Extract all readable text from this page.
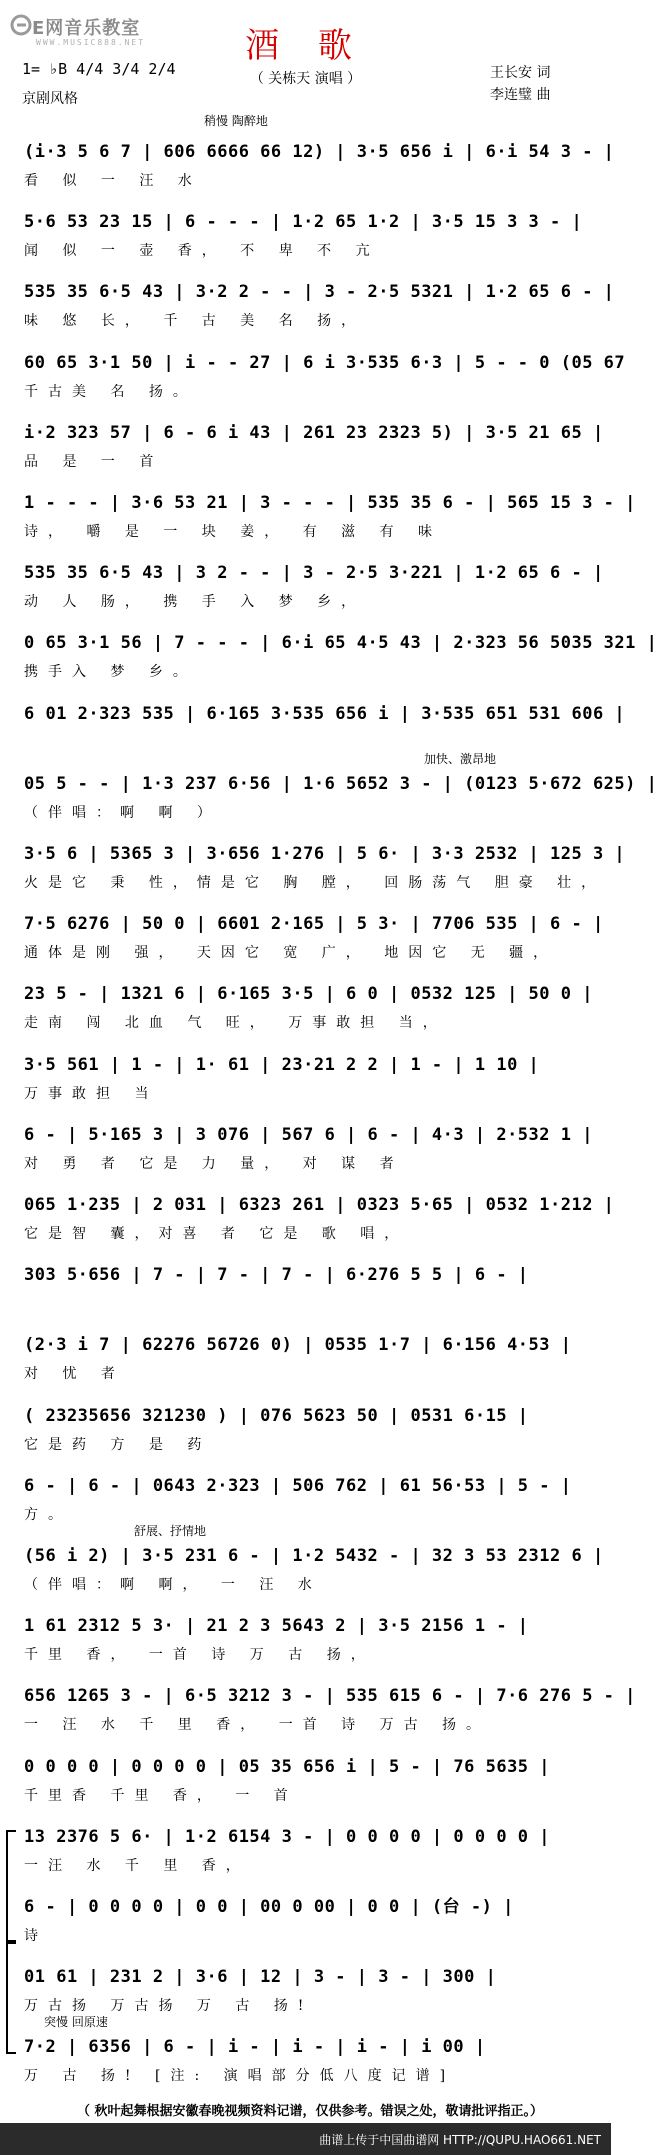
E网音乐教室
WWW.MUSIC888.NET	酒 歌
（ 关栋天 演唱 ）	王长安 词
李连璧 曲
1= ♭B 4/4 3/4 2/4
京剧风格
稍慢 陶醉地
(i·3 5 6 7 | 606 6666 66 12) | 3·5 656 i | 6·i 54 3 - |
看 似 一 汪 水
5·6 53 23 15 | 6 - - - | 1·2 65 1·2 | 3·5 15 3 3 - |
闻 似 一 壶 香， 不 卑 不 亢
535 35 6·5 43 | 3·2 2 - - | 3 - 2·5 5321 | 1·2 65 6 - |
味 悠 长， 千 古 美 名 扬，
60 65 3·1 50 | i - - 27 | 6 i 3·535 6·3 | 5 - - 0 (05 67
千古美 名 扬。
i·2 323 57 | 6 - 6 i 43 | 261 23 2323 5) | 3·5 21 65 |
品 是 一 首
1 - - - | 3·6 53 21 | 3 - - - | 535 35 6 - | 565 15 3 - |
诗， 嚼 是 一 块 姜， 有 滋 有 味
535 35 6·5 43 | 3 2 - - | 3 - 2·5 3·221 | 1·2 65 6 - |
动 人 肠， 携 手 入 梦 乡，
0 65 3·1 56 | 7 - - - | 6·i 65 4·5 43 | 2·323 56 5035 321 |
携手入 梦 乡。
6 01 2·323 535 | 6·165 3·535 656 i | 3·535 651 531 606 |
加快、激昂地
05 5 - - | 1·3 237 6·56 | 1·6 5652 3 - | (0123 5·672 625) |
（伴唱：啊 啊 ）
3·5 6 | 5365 3 | 3·656 1·276 | 5 6· | 3·3 2532 | 125 3 |
火是它 秉 性，情是它 胸 膛， 回肠荡气 胆豪 壮，
7·5 6276 | 50 0 | 6601 2·165 | 5 3· | 7706 535 | 6 - |
通体是刚 强， 天因它 宽 广， 地因它 无 疆，
23 5 - | 1321 6 | 6·165 3·5 | 6 0 | 0532 125 | 50 0 |
走南 闯 北血 气 旺， 万事敢担 当，
3·5 561 | 1 - | 1· 61 | 23·21 2 2 | 1 - | 1 10 |
万事敢担 当
6 - | 5·165 3 | 3 076 | 567 6 | 6 - | 4·3 | 2·532 1 |
对 勇 者 它是 力 量， 对 谋 者
065 1·235 | 2 031 | 6323 261 | 0323 5·65 | 0532 1·212 |
它是智 囊，对喜 者 它是 歌 唱，
303 5·656 | 7 - | 7 - | 7 - | 6·276 5 5 | 6 - |
(2·3 i 7 | 62276 56726 0) | 0535 1·7 | 6·156 4·53 |
对 忧 者
( 23235656 321230 ) | 076 5623 50 | 0531 6·15 |
它是药 方 是 药
6 - | 6 - | 0643 2·323 | 506 762 | 61 56·53 | 5 - |
方。
舒展、抒情地
(56 i 2) | 3·5 231 6 - | 1·2 5432 - | 32 3 53 2312 6 |
（伴唱：啊 啊， 一 汪 水
1 61 2312 5 3· | 21 2 3 5643 2 | 3·5 2156 1 - |
千里 香， 一首 诗 万 古 扬，
656 1265 3 - | 6·5 3212 3 - | 535 615 6 - | 7·6 276 5 - |
一 汪 水 千 里 香， 一首 诗 万古 扬。
0 0 0 0 | 0 0 0 0 | 05 35 656 i | 5 - | 76 5635 |
千里香 千里 香， 一 首
13 2376 5 6· | 1·2 6154 3 - | 0 0 0 0 | 0 0 0 0 |
一汪 水 千 里 香，
6 - | 0 0 0 0 | 0 0 | 00 0 00 | 0 0 | (台 -) |
诗
01 61 | 231 2 | 3·6 | 12 | 3 - | 3 - | 300 |
万古扬 万古扬 万 古 扬!
突慢 回原速
7·2 | 6356 | 6 - | i - | i - | i - | i 00 |
万 古 扬! [注: 演唱部分低八度记谱]
（ 秋叶起舞根据安徽春晚视频资料记谱，仅供参考。错误之处，敬请批评指正。）
曲谱上传于中国曲谱网 HTTP://QUPU.HAO661.NET
